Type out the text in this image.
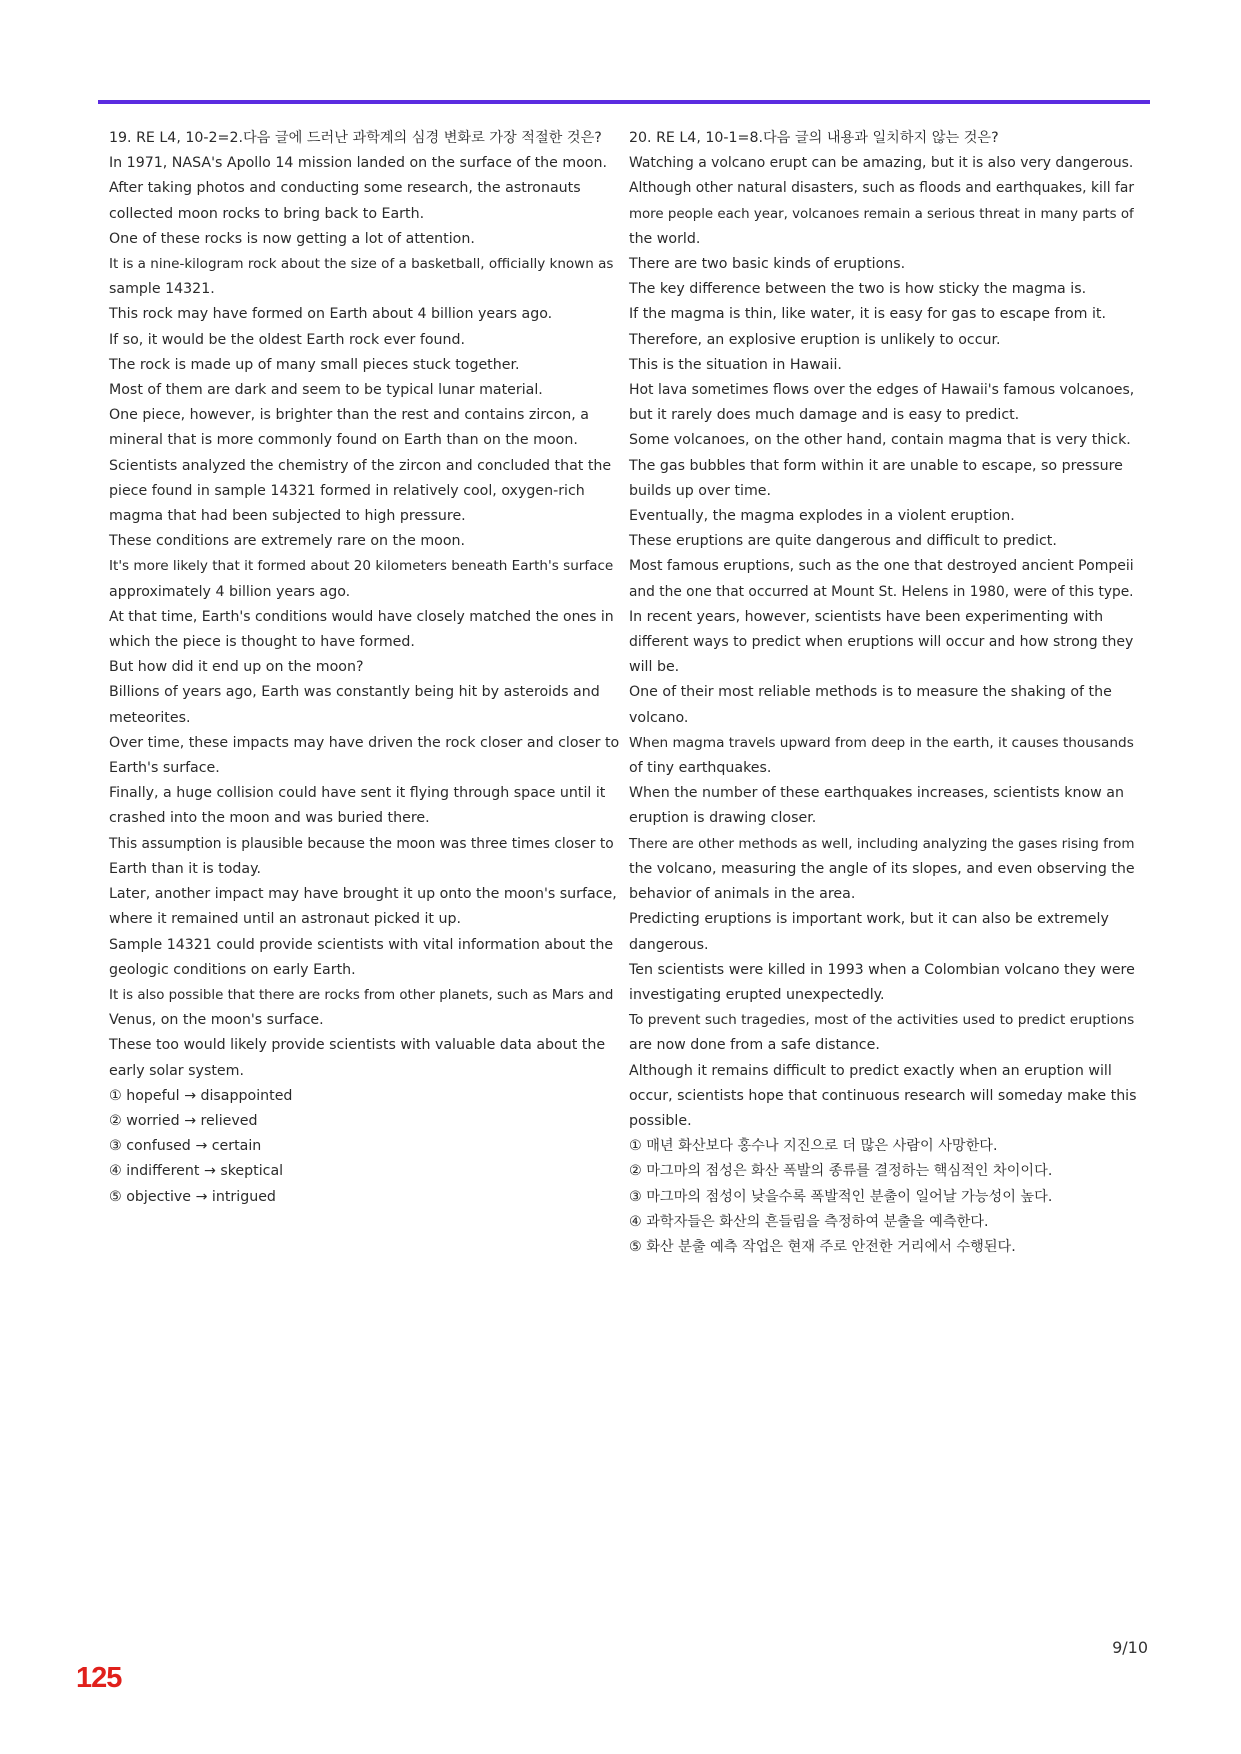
19. RE L4, 10-2=2.다음 글에 드러난 과학계의 심경 변화로 가장 적절한 것은?
In 1971, NASA's Apollo 14 mission landed on the surface of the moon.
After taking photos and conducting some research, the astronauts
collected moon rocks to bring back to Earth.
One of these rocks is now getting a lot of attention.
It is a nine-kilogram rock about the size of a basketball, officially known as
sample 14321.
This rock may have formed on Earth about 4 billion years ago.
If so, it would be the oldest Earth rock ever found.
The rock is made up of many small pieces stuck together.
Most of them are dark and seem to be typical lunar material.
One piece, however, is brighter than the rest and contains zircon, a
mineral that is more commonly found on Earth than on the moon.
Scientists analyzed the chemistry of the zircon and concluded that the
piece found in sample 14321 formed in relatively cool, oxygen-rich
magma that had been subjected to high pressure.
These conditions are extremely rare on the moon.
It's more likely that it formed about 20 kilometers beneath Earth's surface
approximately 4 billion years ago.
At that time, Earth's conditions would have closely matched the ones in
which the piece is thought to have formed.
But how did it end up on the moon?
Billions of years ago, Earth was constantly being hit by asteroids and
meteorites.
Over time, these impacts may have driven the rock closer and closer to
Earth's surface.
Finally, a huge collision could have sent it flying through space until it
crashed into the moon and was buried there.
This assumption is plausible because the moon was three times closer to
Earth than it is today.
Later, another impact may have brought it up onto the moon's surface,
where it remained until an astronaut picked it up.
Sample 14321 could provide scientists with vital information about the
geologic conditions on early Earth.
It is also possible that there are rocks from other planets, such as Mars and
Venus, on the moon's surface.
These too would likely provide scientists with valuable data about the
early solar system.
① hopeful → disappointed
② worried → relieved
③ confused → certain
④ indifferent → skeptical
⑤ objective → intrigued
20. RE L4, 10-1=8.다음 글의 내용과 일치하지 않는 것은?
Watching a volcano erupt can be amazing, but it is also very dangerous.
Although other natural disasters, such as floods and earthquakes, kill far
more people each year, volcanoes remain a serious threat in many parts of
the world.
There are two basic kinds of eruptions.
The key difference between the two is how sticky the magma is.
If the magma is thin, like water, it is easy for gas to escape from it.
Therefore, an explosive eruption is unlikely to occur.
This is the situation in Hawaii.
Hot lava sometimes flows over the edges of Hawaii's famous volcanoes,
but it rarely does much damage and is easy to predict.
Some volcanoes, on the other hand, contain magma that is very thick.
The gas bubbles that form within it are unable to escape, so pressure
builds up over time.
Eventually, the magma explodes in a violent eruption.
These eruptions are quite dangerous and difficult to predict.
Most famous eruptions, such as the one that destroyed ancient Pompeii
and the one that occurred at Mount St. Helens in 1980, were of this type.
In recent years, however, scientists have been experimenting with
different ways to predict when eruptions will occur and how strong they
will be.
One of their most reliable methods is to measure the shaking of the
volcano.
When magma travels upward from deep in the earth, it causes thousands
of tiny earthquakes.
When the number of these earthquakes increases, scientists know an
eruption is drawing closer.
There are other methods as well, including analyzing the gases rising from
the volcano, measuring the angle of its slopes, and even observing the
behavior of animals in the area.
Predicting eruptions is important work, but it can also be extremely
dangerous.
Ten scientists were killed in 1993 when a Colombian volcano they were
investigating erupted unexpectedly.
To prevent such tragedies, most of the activities used to predict eruptions
are now done from a safe distance.
Although it remains difficult to predict exactly when an eruption will
occur, scientists hope that continuous research will someday make this
possible.
① 매년 화산보다 홍수나 지진으로 더 많은 사람이 사망한다.
② 마그마의 점성은 화산 폭발의 종류를 결정하는 핵심적인 차이이다.
③ 마그마의 점성이 낮을수록 폭발적인 분출이 일어날 가능성이 높다.
④ 과학자들은 화산의 흔들림을 측정하여 분출을 예측한다.
⑤ 화산 분출 예측 작업은 현재 주로 안전한 거리에서 수행된다.
9/10
125
